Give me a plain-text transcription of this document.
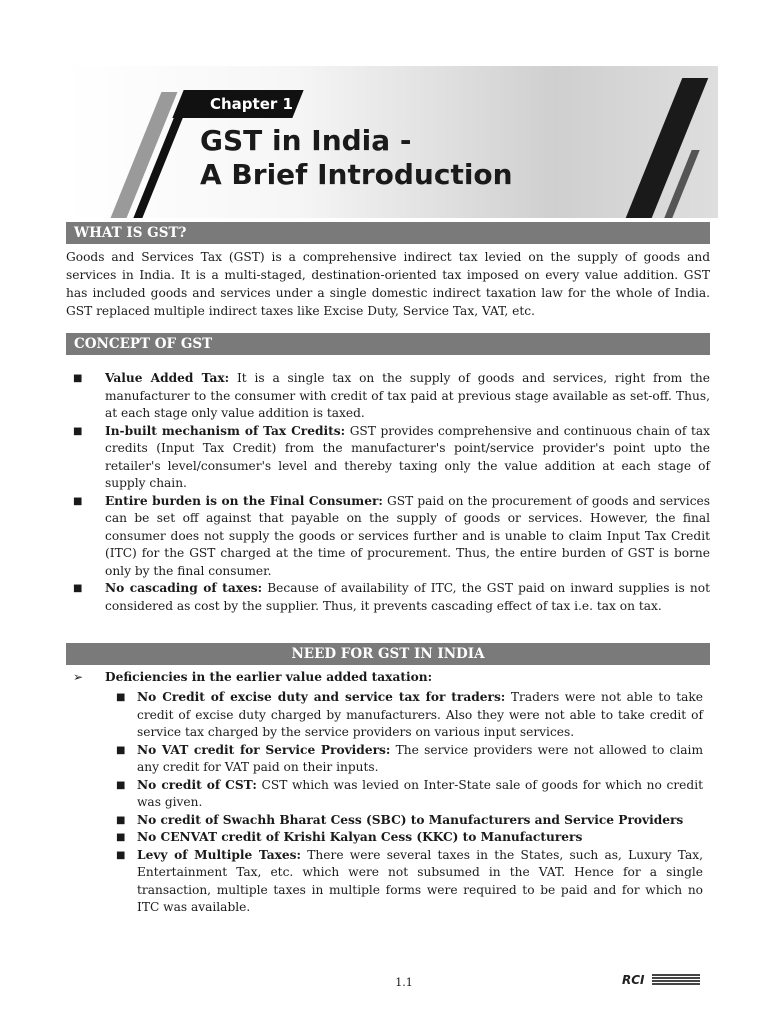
Chapter 1
GST in India -
A Brief Introduction
WHAT IS GST?

Goods and Services Tax (GST) is a comprehensive indirect tax levied on the supply of goods and services in India. It is a multi-staged, destination-oriented tax imposed on every value addition. GST has included goods and services under a single domestic indirect taxation law for the whole of India. GST replaced multiple indirect taxes like Excise Duty, Service Tax, VAT, etc.

CONCEPT OF GST
■ Value Added Tax: It is a single tax on the supply of goods and services, right from the manufacturer to the consumer with credit of tax paid at previous stage available as set-off. Thus, at each stage only value addition is taxed.
■ In-built mechanism of Tax Credits: GST provides comprehensive and continuous chain of tax credits (Input Tax Credit) from the manufacturer's point/service provider's point upto the retailer's level/consumer's level and thereby taxing only the value addition at each stage of supply chain.
■ Entire burden is on the Final Consumer: GST paid on the procurement of goods and services can be set off against that payable on the supply of goods or services. However, the final consumer does not supply the goods or services further and is unable to claim Input Tax Credit (ITC) for the GST charged at the time of procurement. Thus, the entire burden of GST is borne only by the final consumer.
■ No cascading of taxes: Because of availability of ITC, the GST paid on inward supplies is not considered as cost by the supplier. Thus, it prevents cascading effect of tax i.e. tax on tax.
NEED FOR GST IN INDIA
➢ Deficiencies in the earlier value added taxation:
■ No Credit of excise duty and service tax for traders: Traders were not able to take credit of excise duty charged by manufacturers. Also they were not able to take credit of service tax charged by the service providers on various input services.
■ No VAT credit for Service Providers: The service providers were not allowed to claim any credit for VAT paid on their inputs.
■ No credit of CST: CST which was levied on Inter-State sale of goods for which no credit was given.
■ No credit of Swachh Bharat Cess (SBC) to Manufacturers and Service Providers
■ No CENVAT credit of Krishi Kalyan Cess (KKC) to Manufacturers
■ Levy of Multiple Taxes: There were several taxes in the States, such as, Luxury Tax, Entertainment Tax, etc. which were not subsumed in the VAT. Hence for a single transaction, multiple taxes in multiple forms were required to be paid and for which no ITC was available.
1.1	RCI
